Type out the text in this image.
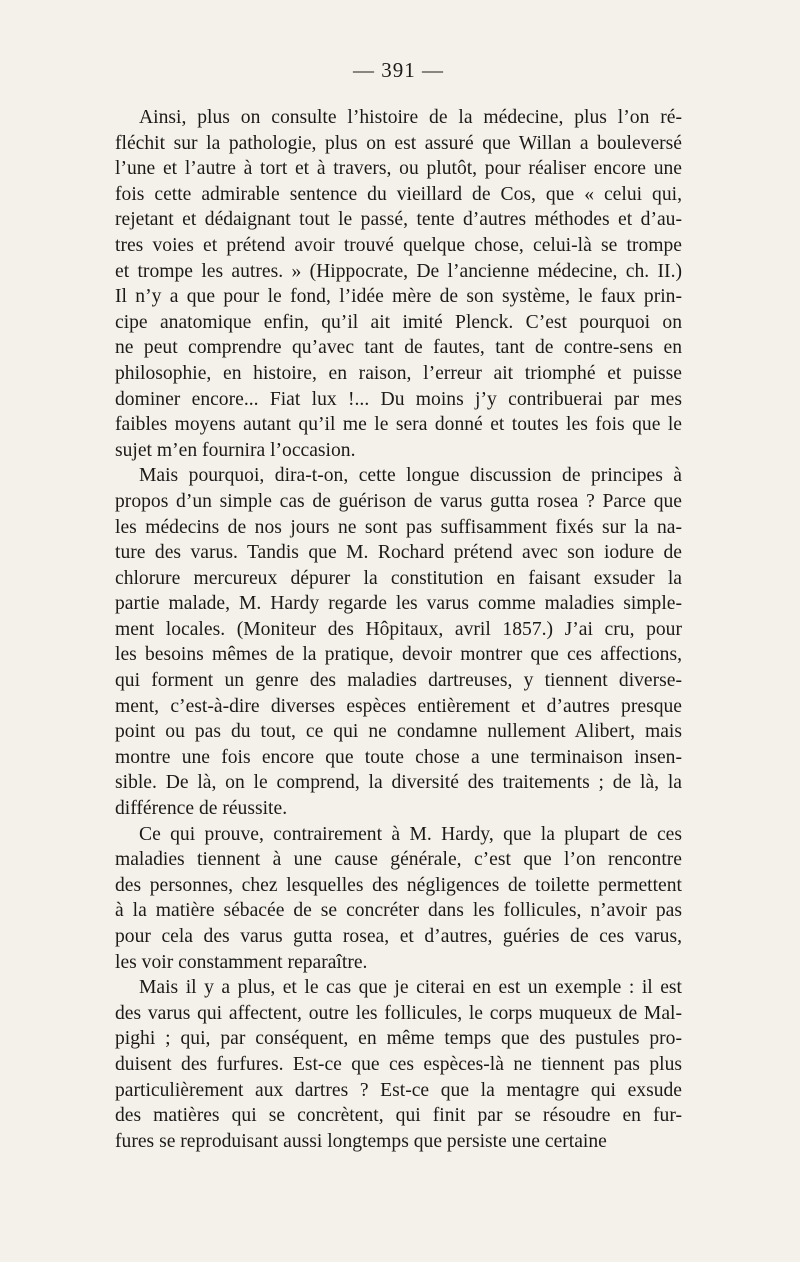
— 391 —
Ainsi, plus on consulte l’histoire de la médecine, plus l’on ré-
fléchit sur la pathologie, plus on est assuré que Willan a bouleversé
l’une et l’autre à tort et à travers, ou plutôt, pour réaliser encore une
fois cette admirable sentence du vieillard de Cos, que « celui qui,
rejetant et dédaignant tout le passé, tente d’autres méthodes et d’au-
tres voies et prétend avoir trouvé quelque chose, celui-là se trompe
et trompe les autres. » (Hippocrate, De l’ancienne médecine, ch. II.)
Il n’y a que pour le fond, l’idée mère de son système, le faux prin-
cipe anatomique enfin, qu’il ait imité Plenck. C’est pourquoi on
ne peut comprendre qu’avec tant de fautes, tant de contre-sens en
philosophie, en histoire, en raison, l’erreur ait triomphé et puisse
dominer encore... Fiat lux !... Du moins j’y contribuerai par mes
faibles moyens autant qu’il me le sera donné et toutes les fois que le
sujet m’en fournira l’occasion.
Mais pourquoi, dira-t-on, cette longue discussion de principes à
propos d’un simple cas de guérison de varus gutta rosea ? Parce que
les médecins de nos jours ne sont pas suffisamment fixés sur la na-
ture des varus. Tandis que M. Rochard prétend avec son iodure de
chlorure mercureux dépurer la constitution en faisant exsuder la
partie malade, M. Hardy regarde les varus comme maladies simple-
ment locales. (Moniteur des Hôpitaux, avril 1857.) J’ai cru, pour
les besoins mêmes de la pratique, devoir montrer que ces affections,
qui forment un genre des maladies dartreuses, y tiennent diverse-
ment, c’est-à-dire diverses espèces entièrement et d’autres presque
point ou pas du tout, ce qui ne condamne nullement Alibert, mais
montre une fois encore que toute chose a une terminaison insen-
sible. De là, on le comprend, la diversité des traitements ; de là, la
différence de réussite.
Ce qui prouve, contrairement à M. Hardy, que la plupart de ces
maladies tiennent à une cause générale, c’est que l’on rencontre
des personnes, chez lesquelles des négligences de toilette permettent
à la matière sébacée de se concréter dans les follicules, n’avoir pas
pour cela des varus gutta rosea, et d’autres, guéries de ces varus,
les voir constamment reparaître.
Mais il y a plus, et le cas que je citerai en est un exemple : il est
des varus qui affectent, outre les follicules, le corps muqueux de Mal-
pighi ; qui, par conséquent, en même temps que des pustules pro-
duisent des furfures. Est-ce que ces espèces-là ne tiennent pas plus
particulièrement aux dartres ? Est-ce que la mentagre qui exsude
des matières qui se concrètent, qui finit par se résoudre en fur-
fures se reproduisant aussi longtemps que persiste une certaine
